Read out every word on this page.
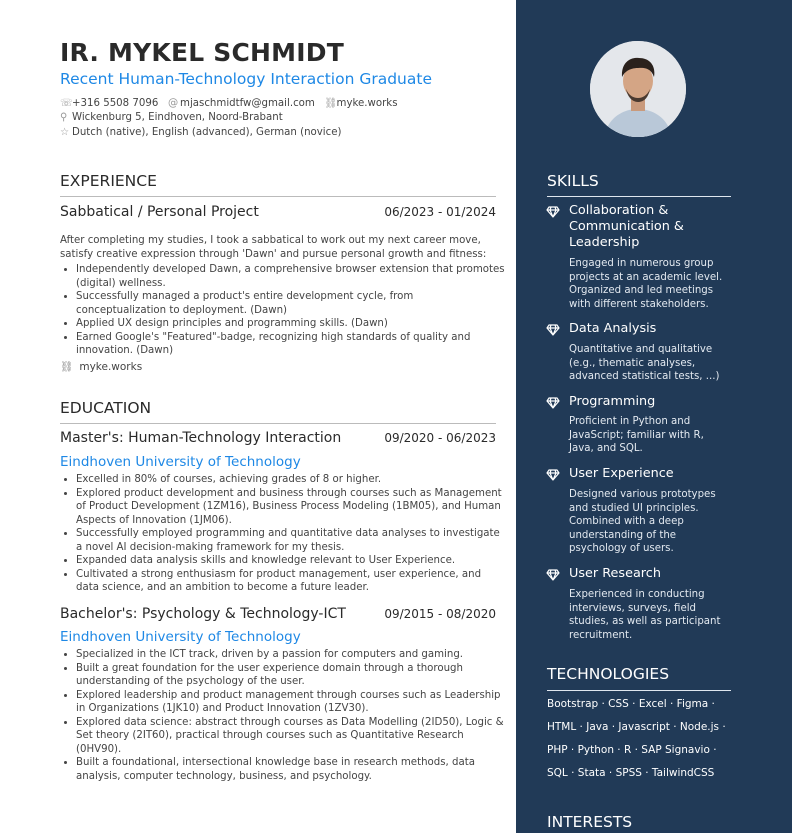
IR. MYKEL SCHMIDT
Recent Human-Technology Interaction Graduate
☏+316 5508 7096 @ mjaschmidtfw@gmail.com ⛓myke.works
⚲ Wickenburg 5, Eindhoven, Noord-Brabant
☆ Dutch (native), English (advanced), German (novice)
EXPERIENCE
Sabbatical / Personal Project	06/2023 - 01/2024
After completing my studies, I took a sabbatical to work out my next career move,
satisfy creative expression through 'Dawn' and pursue personal growth and fitness:
• Independently developed Dawn, a comprehensive browser extension that promotes (digital) wellness.
• Successfully managed a product's entire development cycle, from conceptualization to deployment. (Dawn)
• Applied UX design principles and programming skills. (Dawn)
• Earned Google's "Featured"-badge, recognizing high standards of quality and innovation. (Dawn)
⛓ myke.works
EDUCATION
Master's: Human-Technology Interaction	09/2020 - 06/2023
Eindhoven University of Technology
• Excelled in 80% of courses, achieving grades of 8 or higher.
• Explored product development and business through courses such as Management of Product Development (1ZM16), Business Process Modeling (1BM05), and Human Aspects of Innovation (1JM06).
• Successfully employed programming and quantitative data analyses to investigate a novel AI decision-making framework for my thesis.
• Expanded data analysis skills and knowledge relevant to User Experience.
• Cultivated a strong enthusiasm for product management, user experience, and data science, and an ambition to become a future leader.
Bachelor's: Psychology & Technology-ICT	09/2015 - 08/2020
Eindhoven University of Technology
• Specialized in the ICT track, driven by a passion for computers and gaming.
• Built a great foundation for the user experience domain through a thorough understanding of the psychology of the user.
• Explored leadership and product management through courses such as Leadership in Organizations (1JK10) and Product Innovation (1ZV30).
• Explored data science: abstract through courses as Data Modelling (2ID50), Logic & Set theory (2IT60), practical through courses such as Quantitative Research (0HV90).
• Built a foundational, intersectional knowledge base in research methods, data analysis, computer technology, business, and psychology.
SKILLS
Collaboration & Communication & Leadership
Engaged in numerous group projects at an academic level. Organized and led meetings with different stakeholders.
Data Analysis
Quantitative and qualitative (e.g., thematic analyses, advanced statistical tests, ...)
Programming
Proficient in Python and JavaScript; familiar with R, Java, and SQL.
User Experience
Designed various prototypes and studied UI principles. Combined with a deep understanding of the psychology of users.
User Research
Experienced in conducting interviews, surveys, field studies, as well as participant recruitment.
TECHNOLOGIES
Bootstrap · CSS · Excel · Figma ·
HTML · Java · Javascript · Node.js ·
PHP · Python · R · SAP Signavio ·
SQL · Stata · SPSS · TailwindCSS
INTERESTS
